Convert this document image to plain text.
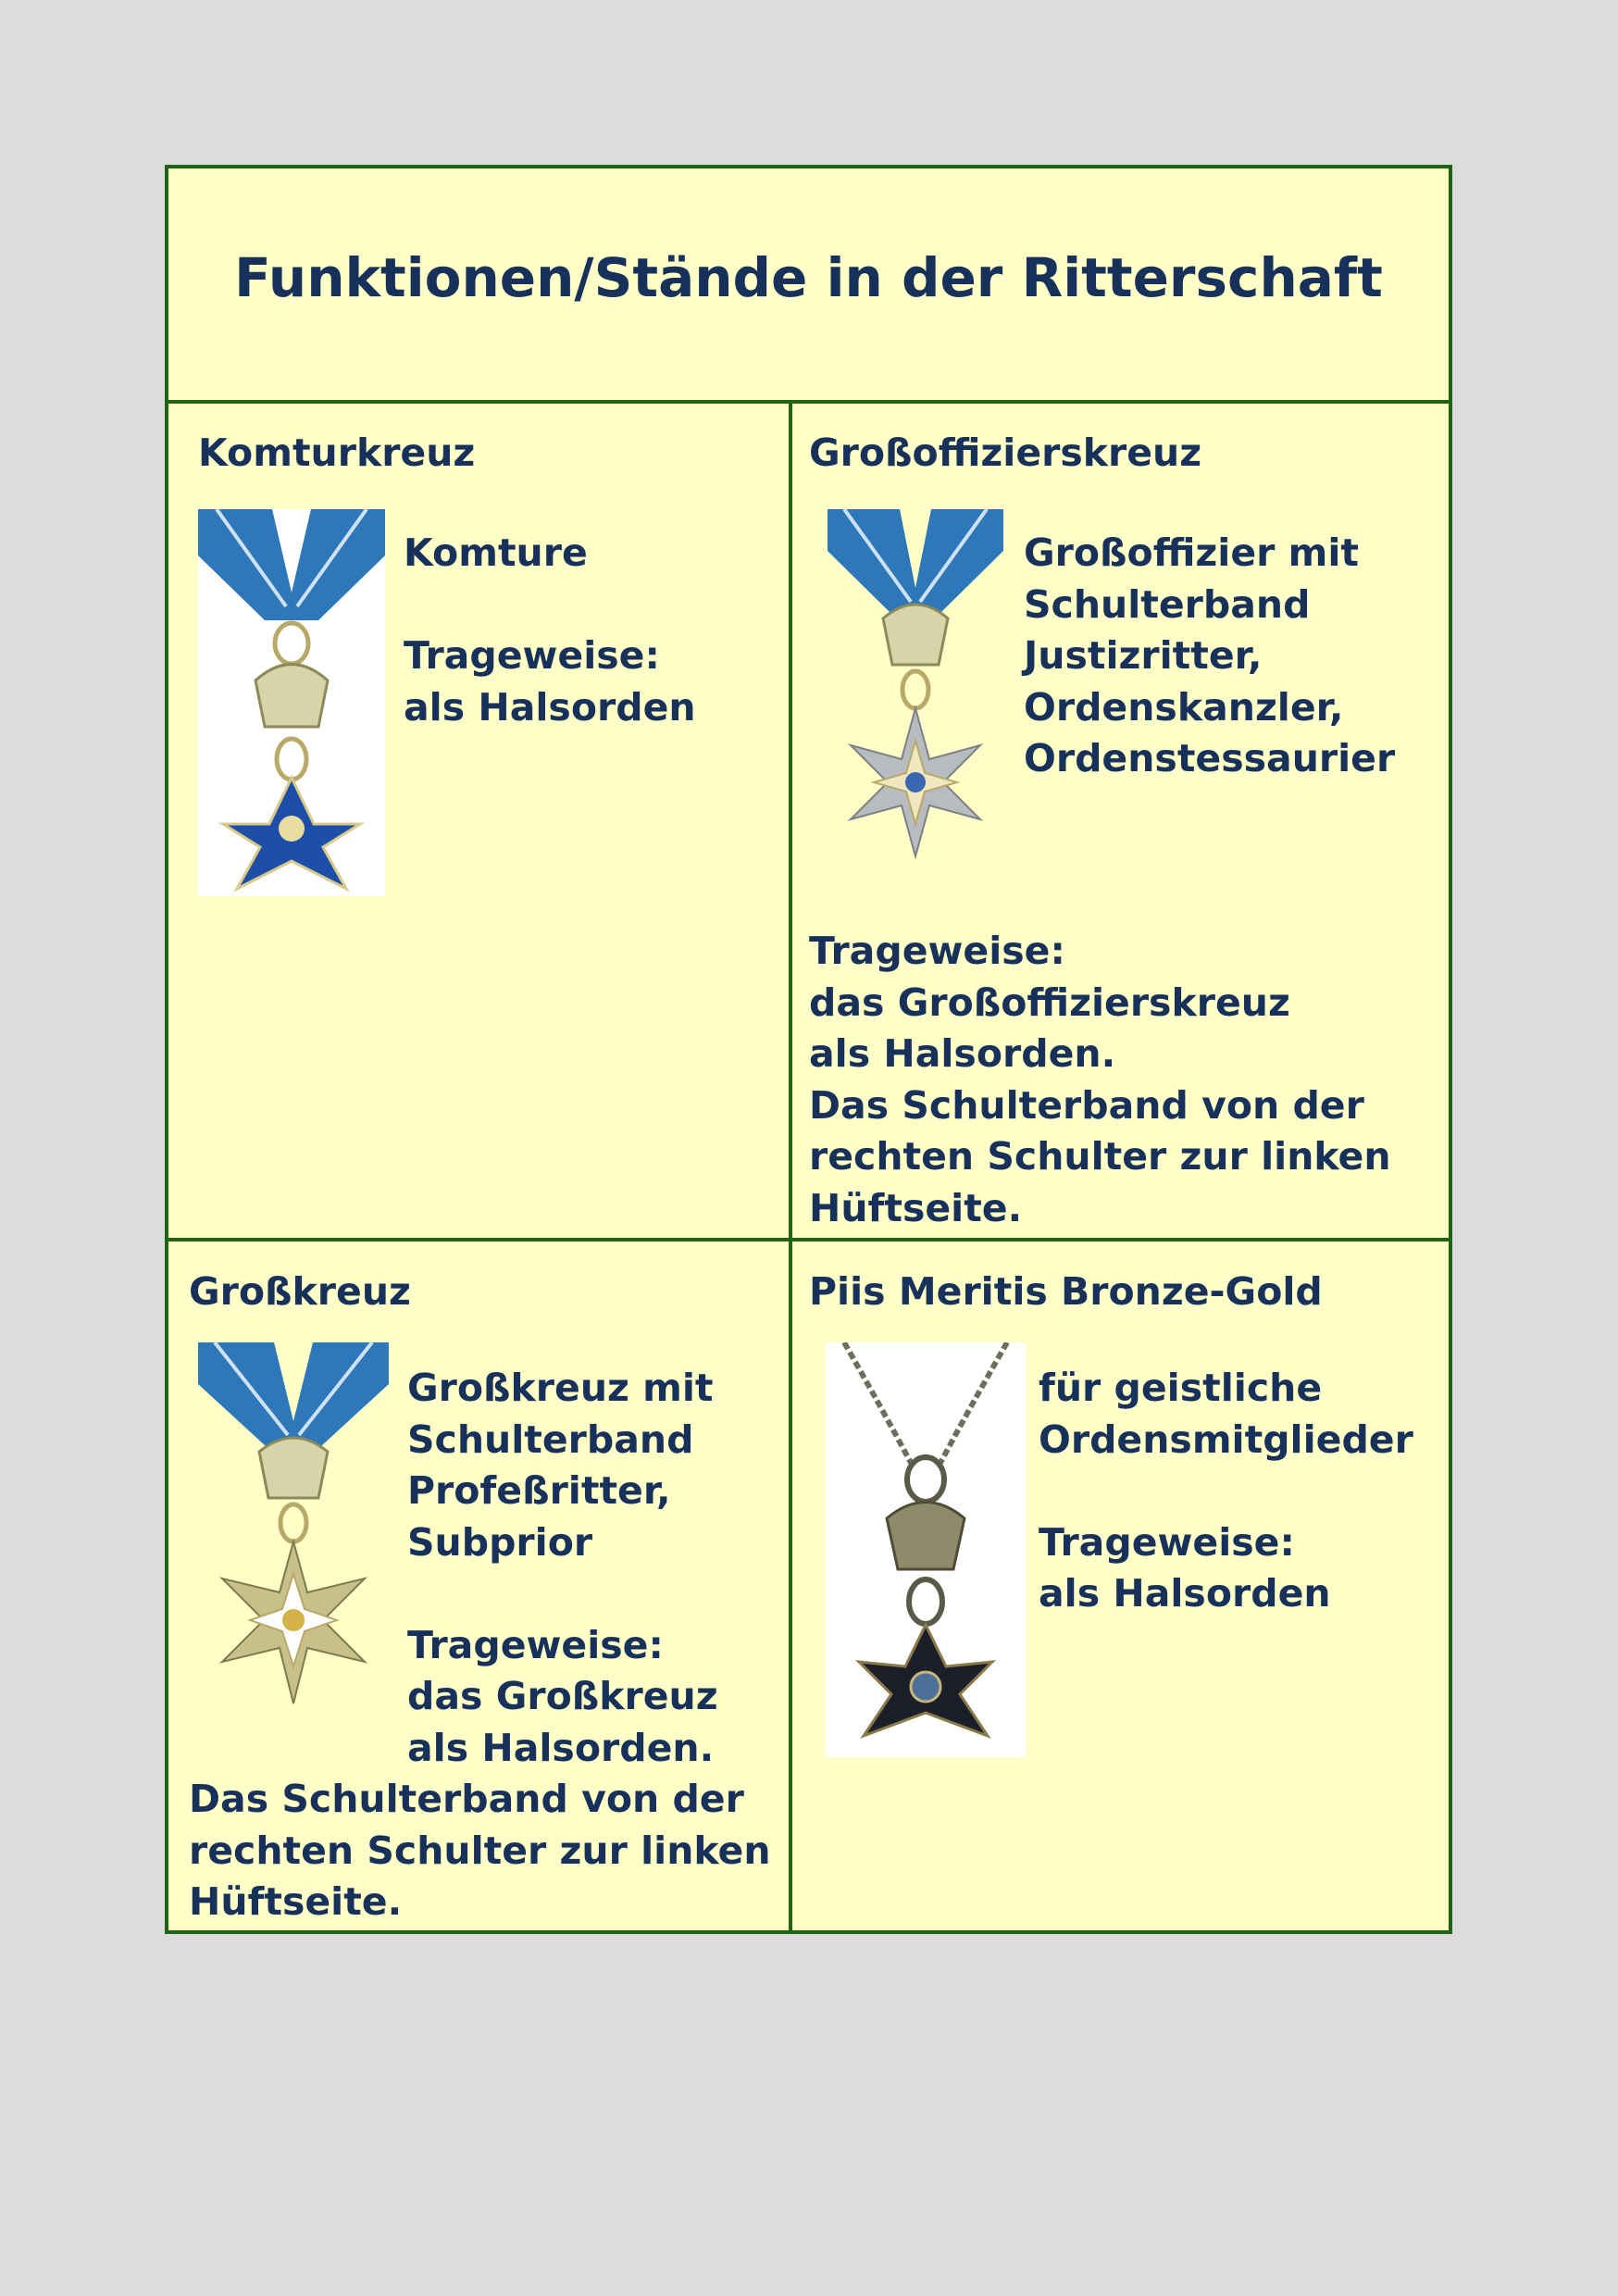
Funktionen/Stände in der Ritterschaft
Komturkreuz
Komture

Trageweise:
als Halsorden
Großoffizierskreuz
Großoffizier mit
Schulterband
Justizritter,
Ordenskanzler,
Ordenstessaurier
Trageweise:
das Großoffizierskreuz
als Halsorden.
Das Schulterband von der
rechten Schulter zur linken
Hüftseite.
Großkreuz
Großkreuz mit
Schulterband
Profeßritter,
Subprior

Trageweise:
das Großkreuz
als Halsorden.
Das Schulterband von der
rechten Schulter zur linken
Hüftseite.
Piis Meritis Bronze-Gold
für geistliche
Ordensmitglieder

Trageweise:
als Halsorden
